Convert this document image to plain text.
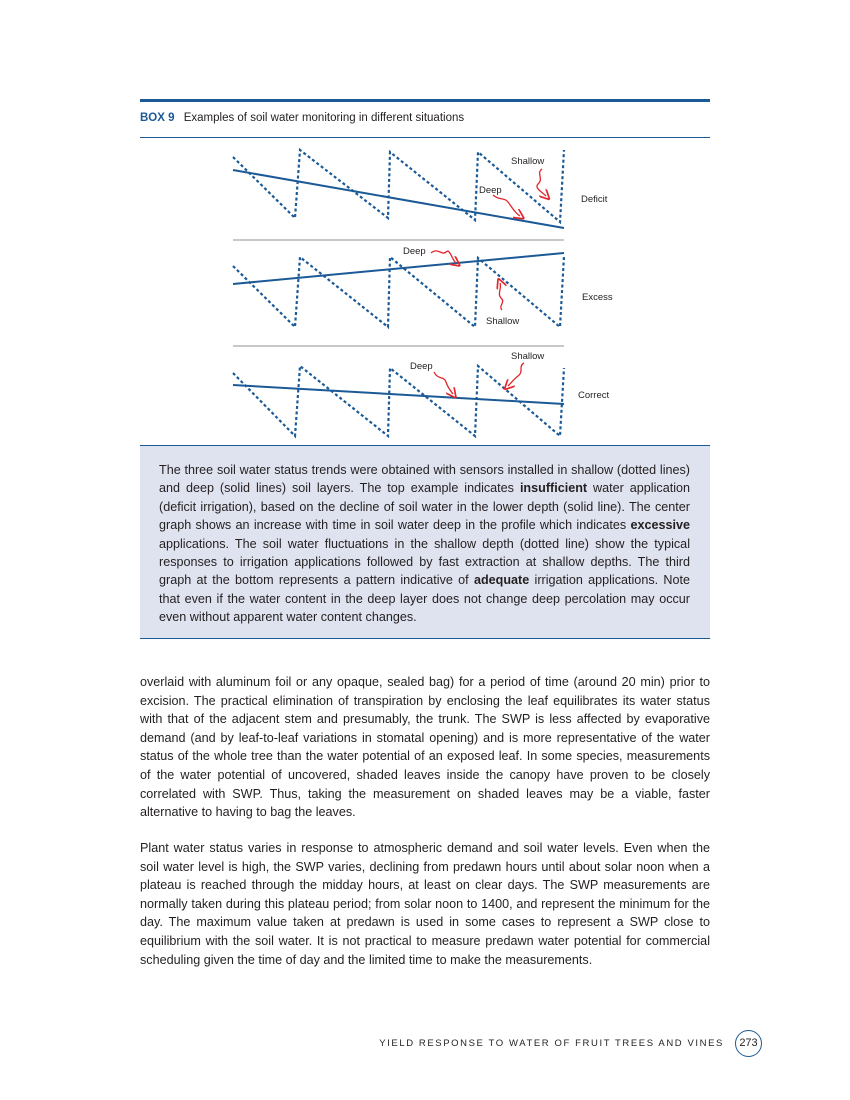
BOX 9 Examples of soil water monitoring in different situations
Shallow
Deep
Deficit
Deep
Shallow
Excess
Deep
Shallow
Correct
The three soil water status trends were obtained with sensors installed in shallow (dotted lines) and deep (solid lines) soil layers. The top example indicates insufficient water application (deficit irrigation), based on the decline of soil water in the lower depth (solid line). The center graph shows an increase with time in soil water deep in the profile which indicates excessive applications. The soil water fluctuations in the shallow depth (dotted line) show the typical responses to irrigation applications followed by fast extraction at shallow depths. The third graph at the bottom represents a pattern indicative of adequate irrigation applications. Note that even if the water content in the deep layer does not change deep percolation may occur even without apparent water content changes.

overlaid with aluminum foil or any opaque, sealed bag) for a period of time (around 20 min) prior to excision. The practical elimination of transpiration by enclosing the leaf equilibrates its water status with that of the adjacent stem and presumably, the trunk. The SWP is less affected by evaporative demand (and by leaf-to-leaf variations in stomatal opening) and is more representative of the water status of the whole tree than the water potential of an exposed leaf. In some species, measurements of the water potential of uncovered, shaded leaves inside the canopy have proven to be closely correlated with SWP. Thus, taking the measurement on shaded leaves may be a viable, faster alternative to having to bag the leaves.

Plant water status varies in response to atmospheric demand and soil water levels. Even when the soil water level is high, the SWP varies, declining from predawn hours until about solar noon when a plateau is reached through the midday hours, at least on clear days. The SWP measurements are normally taken during this plateau period; from solar noon to 1400, and represent the minimum for the day. The maximum value taken at predawn is used in some cases to represent a SWP close to equilibrium with the soil water. It is not practical to measure predawn water potential for commercial scheduling given the time of day and the limited time to make the measurements.

YIELD RESPONSE TO WATER OF FRUIT TREES AND VINES	273
